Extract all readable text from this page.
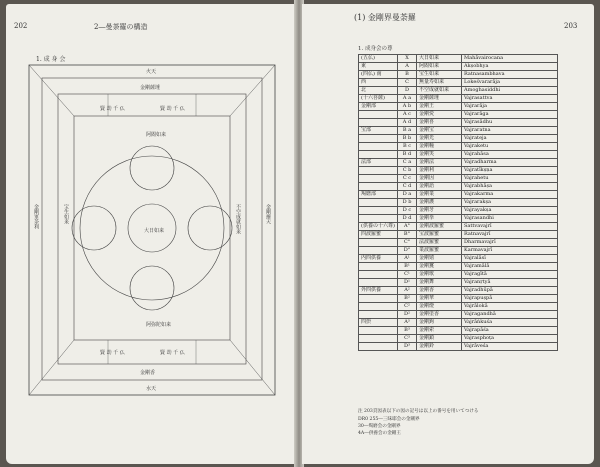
202	2―曼荼羅の構造
1. 成 身 会
火天
金剛薩埵
賢 劫 千 仏	賢 劫 千 仏
阿閦如来
大日如来
阿弥陀如来
賢 劫 千 仏	賢 劫 千 仏
金剛香
水天
金剛軍荼利	金剛摧天
宝生如来	不空成就如来
(1) 金剛界曼荼羅
203
1. 成身会の尊
(五仏)	X	大日如来	Mahāvairocana
東	A	阿閦如来	Akṣobhya
(四仏) 南	B	宝生如来	Ratnasambhava
西	C	無量寿如来	Lokeśvararāja
北	D	不空成就如来	Amoghasiddhi
(十六菩薩)	A a	金剛薩埵	Vajrasattva
金剛部	A b	金剛王	Vajrarāja
	A c	金剛愛	Vajrarāga
	A d	金剛喜	Vajrasādhu
宝部	B a	金剛宝	Vajraratna
	B b	金剛光	Vajrateja
	B c	金剛幢	Vajraketu
	B d	金剛笑	Vajrahāsa
法部	C a	金剛法	Vajradharma
	C b	金剛利	Vajratīkṣṇa
	C c	金剛因	Vajrahetu
	C d	金剛語	Vajrabhāṣa
羯磨部	D a	金剛業	Vajrakarma
	D b	金剛護	Vajrarakṣa
	D c	金剛牙	Vajrayakṣa
	D d	金剛拳	Vajrasandhi
(供養の十六尊)	A°	金剛波羅蜜	Sattvavajrī
四波羅蜜	B°	宝波羅蜜	Ratnavajrī
	C°	法波羅蜜	Dharmavajrī
	D°	業波羅蜜	Karmavajrī
内四供養	A¹	金剛嬉	Vajralāsī
	B¹	金剛鬘	Vajramālā
	C¹	金剛歌	Vajragītā
	D¹	金剛舞	Vajranṛtyā
外四供養	A²	金剛香	Vajradhūpā
	B²	金剛華	Vajrapuṣpā
	C²	金剛燈	Vajrālokā
	D²	金剛塗香	Vajragandhā
四摂	A³	金剛鉤	Vajrāṅkuśa
	B³	金剛索	Vajrapāśa
	C³	金剛鎖	Vajrasphoṭa
	D³	金剛鈴	Vajrāveśa
注 203頁図表以下の図の記号は以上の番号を用いてつける
DR0 255―三昧耶会の金剛界
30―羯磨会の金剛界
4A―供養会の金剛王
